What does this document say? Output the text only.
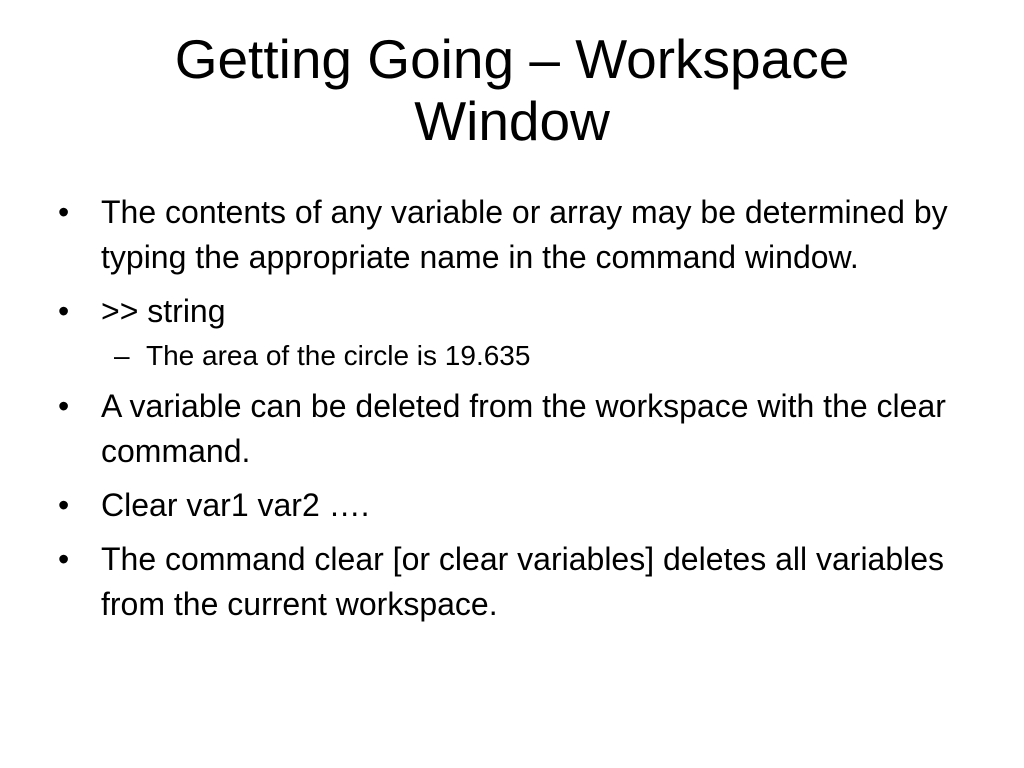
Getting Going – Workspace
Window
• The contents of any variable or array may be determined by typing the appropriate name in the command window.
• >> string
– The area of the circle is 19.635
• A variable can be deleted from the workspace with the clear command.
• Clear var1 var2 ….
• The command clear [or clear variables] deletes all variables from the current workspace.
